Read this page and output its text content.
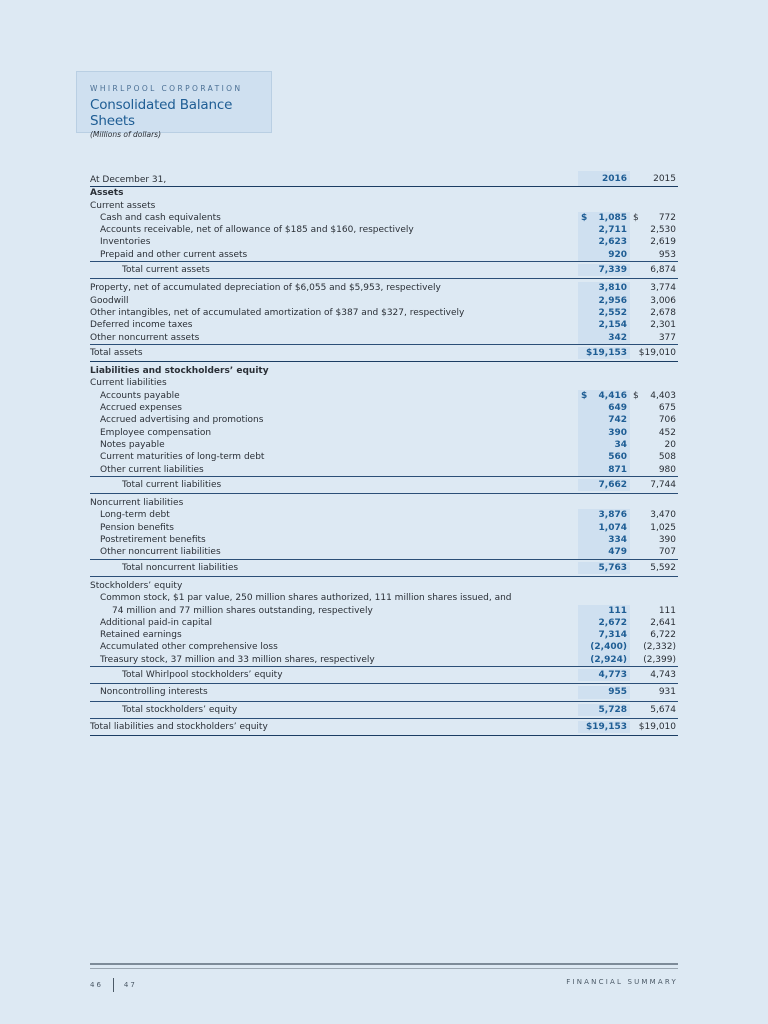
WHIRLPOOL CORPORATION
Consolidated Balance Sheets
(Millions of dollars)
At December 31,	2016	2015
Assets
Current assets
Cash and cash equivalents	$ 1,085 $ 772
Accounts receivable, net of allowance of $185 and $160, respectively	2,711	2,530
Inventories	2,623	2,619
Prepaid and other current assets	920	953
Total current assets	7,339	6,874
Property, net of accumulated depreciation of $6,055 and $5,953, respectively	3,810	3,774
Goodwill	2,956	3,006
Other intangibles, net of accumulated amortization of $387 and $327, respectively	2,552	2,678
Deferred income taxes	2,154	2,301
Other noncurrent assets	342	377
Total assets	$19,153 $19,010
Liabilities and stockholders’ equity
Current liabilities
Accounts payable	$ 4,416 $ 4,403
Accrued expenses	649	675
Accrued advertising and promotions	742	706
Employee compensation	390	452
Notes payable	34	20
Current maturities of long-term debt	560	508
Other current liabilities	871	980
Total current liabilities	7,662	7,744
Noncurrent liabilities
Long-term debt	3,876	3,470
Pension benefits	1,074	1,025
Postretirement benefits	334	390
Other noncurrent liabilities	479	707
Total noncurrent liabilities	5,763	5,592
Stockholders’ equity
Common stock, $1 par value, 250 million shares authorized, 111 million shares issued, and
74 million and 77 million shares outstanding, respectively	111	111
Additional paid-in capital	2,672	2,641
Retained earnings	7,314	6,722
Accumulated other comprehensive loss	(2,400) (2,332)
Treasury stock, 37 million and 33 million shares, respectively	(2,924) (2,399)
Total Whirlpool stockholders’ equity	4,773	4,743
Noncontrolling interests	955	931
Total stockholders’ equity	5,728	5,674
Total liabilities and stockholders’ equity	$19,153 $19,010
46	47	FINANCIAL SUMMARY
